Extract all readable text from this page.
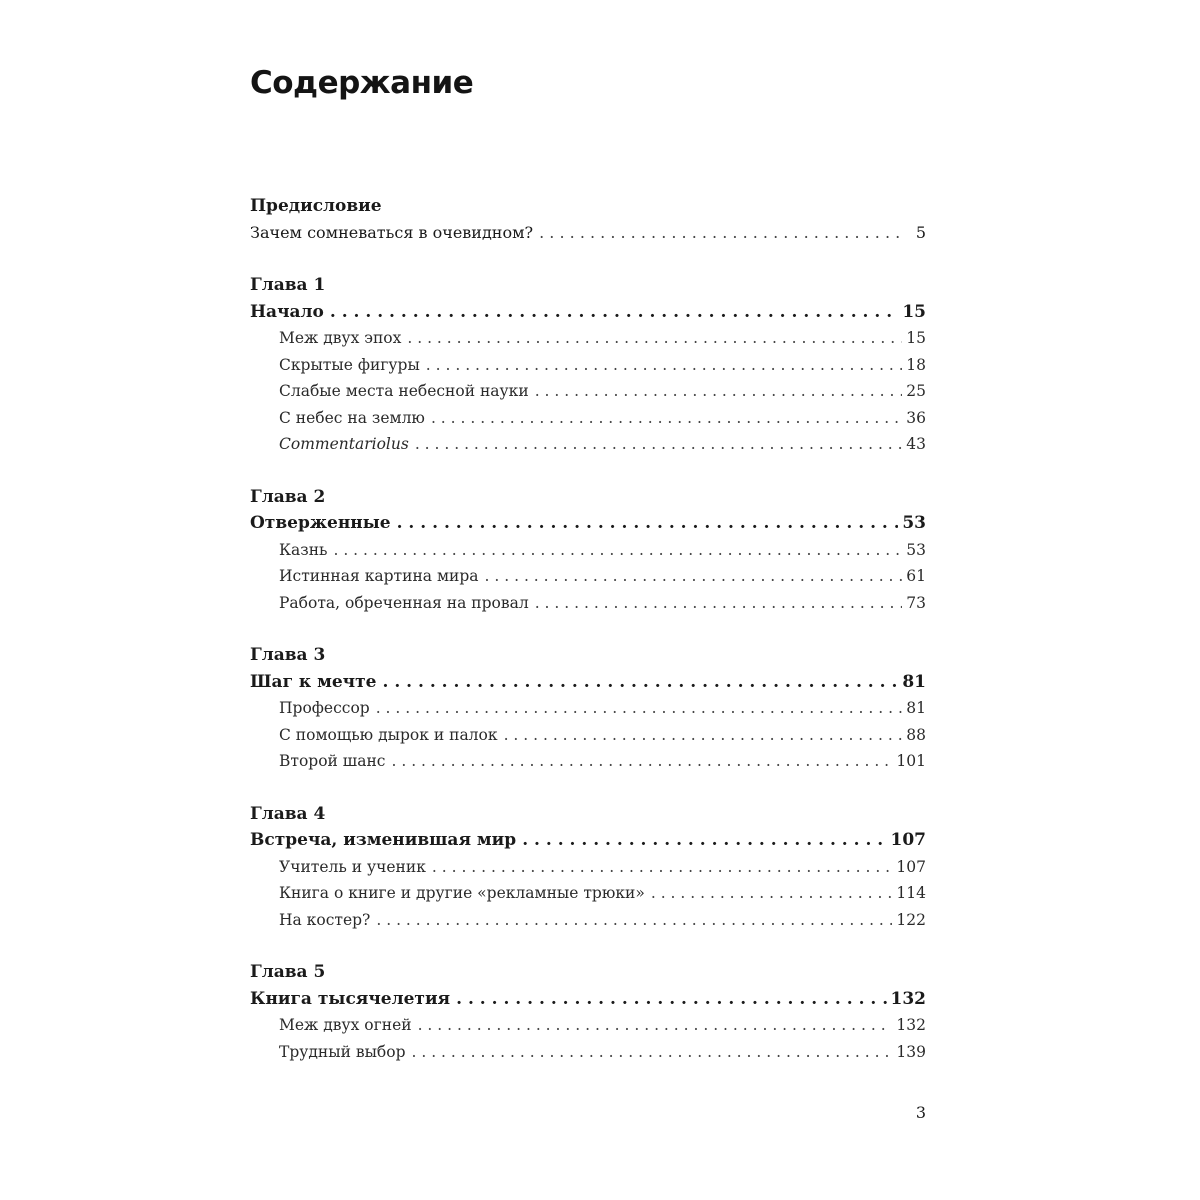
Содержание
Предисловие
Зачем сомневаться в очевидном? . . .	5
Глава 1
Начало . . .	15
Меж двух эпох . . .	15
Скрытые фигуры . . .	18
Слабые места небесной науки . . .	25
С небес на землю . . .	36
Commentariolus . . .	43
Глава 2
Отверженные . . .	53
Казнь . . .	53
Истинная картина мира . . .	61
Работа, обреченная на провал . . .	73
Глава 3
Шаг к мечте . . .	81
Профессор . . .	81
С помощью дырок и палок . . .	88
Второй шанс . . .	101
Глава 4
Встреча, изменившая мир . . .	107
Учитель и ученик . . .	107
Книга о книге и другие «рекламные трюки» . . .	114
На костер? . . .	122
Глава 5
Книга тысячелетия . . .	132
Меж двух огней . . .	132
Трудный выбор . . .	139

3
